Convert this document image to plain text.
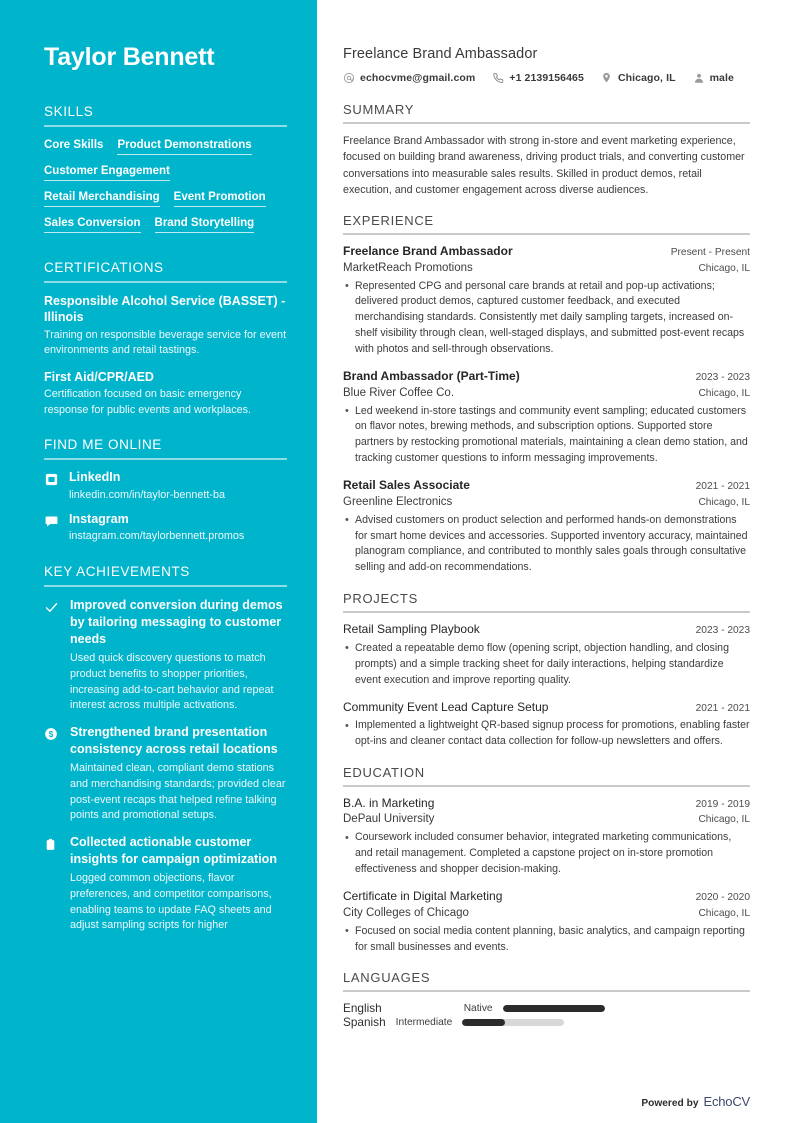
Taylor Bennett
SKILLS
Core Skills Product Demonstrations
Customer Engagement
Retail Merchandising Event Promotion
Sales Conversion Brand Storytelling
CERTIFICATIONS
Responsible Alcohol Service (BASSET) - Illinois
Training on responsible beverage service for event environments and retail tastings.
First Aid/CPR/AED
Certification focused on basic emergency response for public events and workplaces.
FIND ME ONLINE
LinkedIn
linkedin.com/in/taylor-bennett-ba
Instagram
instagram.com/taylorbennett.promos
KEY ACHIEVEMENTS
Improved conversion during demos by tailoring messaging to customer needs
Used quick discovery questions to match product benefits to shopper priorities, increasing add-to-cart behavior and repeat interest across multiple activations.
$ Strengthened brand presentation consistency across retail locations
Maintained clean, compliant demo stations and merchandising standards; provided clear post-event recaps that helped refine talking points and promotional setups.
Collected actionable customer insights for campaign optimization
Logged common objections, flavor preferences, and competitor comparisons, enabling teams to update FAQ sheets and adjust sampling scripts for higher
Freelance Brand Ambassador
echocvme@gmail.com	+1 2139156465	Chicago, IL	male
SUMMARY

Freelance Brand Ambassador with strong in-store and event marketing experience, focused on building brand awareness, driving product trials, and converting customer conversations into measurable sales results. Skilled in product demos, retail execution, and customer engagement across diverse audiences.

EXPERIENCE
Freelance Brand Ambassador	Present - Present
MarketReach Promotions	Chicago, IL
• Represented CPG and personal care brands at retail and pop-up activations; delivered product demos, captured customer feedback, and executed merchandising standards. Consistently met daily sampling targets, increased on-shelf visibility through clean, well-staged displays, and submitted post-event recaps with photos and sell-through observations.
Brand Ambassador (Part-Time)	2023 - 2023
Blue River Coffee Co.	Chicago, IL
• Led weekend in-store tastings and community event sampling; educated customers on flavor notes, brewing methods, and subscription options. Supported store partners by restocking promotional materials, maintaining a clean demo station, and tracking customer questions to inform messaging improvements.
Retail Sales Associate	2021 - 2021
Greenline Electronics	Chicago, IL
• Advised customers on product selection and performed hands-on demonstrations for smart home devices and accessories. Supported inventory accuracy, maintained planogram compliance, and contributed to monthly sales goals through consultative selling and add-on recommendations.
PROJECTS
Retail Sampling Playbook	2023 - 2023
• Created a repeatable demo flow (opening script, objection handling, and closing prompts) and a simple tracking sheet for daily interactions, helping standardize event execution and improve reporting quality.
Community Event Lead Capture Setup	2021 - 2021
• Implemented a lightweight QR-based signup process for promotions, enabling faster opt-ins and cleaner contact data collection for follow-up newsletters and offers.
EDUCATION
B.A. in Marketing	2019 - 2019
DePaul University	Chicago, IL
• Coursework included consumer behavior, integrated marketing communications, and retail management. Completed a capstone project on in-store promotion effectiveness and shopper decision-making.
Certificate in Digital Marketing	2020 - 2020
City Colleges of Chicago	Chicago, IL
• Focused on social media content planning, basic analytics, and campaign reporting for small businesses and events.
LANGUAGES
English	Native
Spanish Intermediate
Powered by EchoCV
